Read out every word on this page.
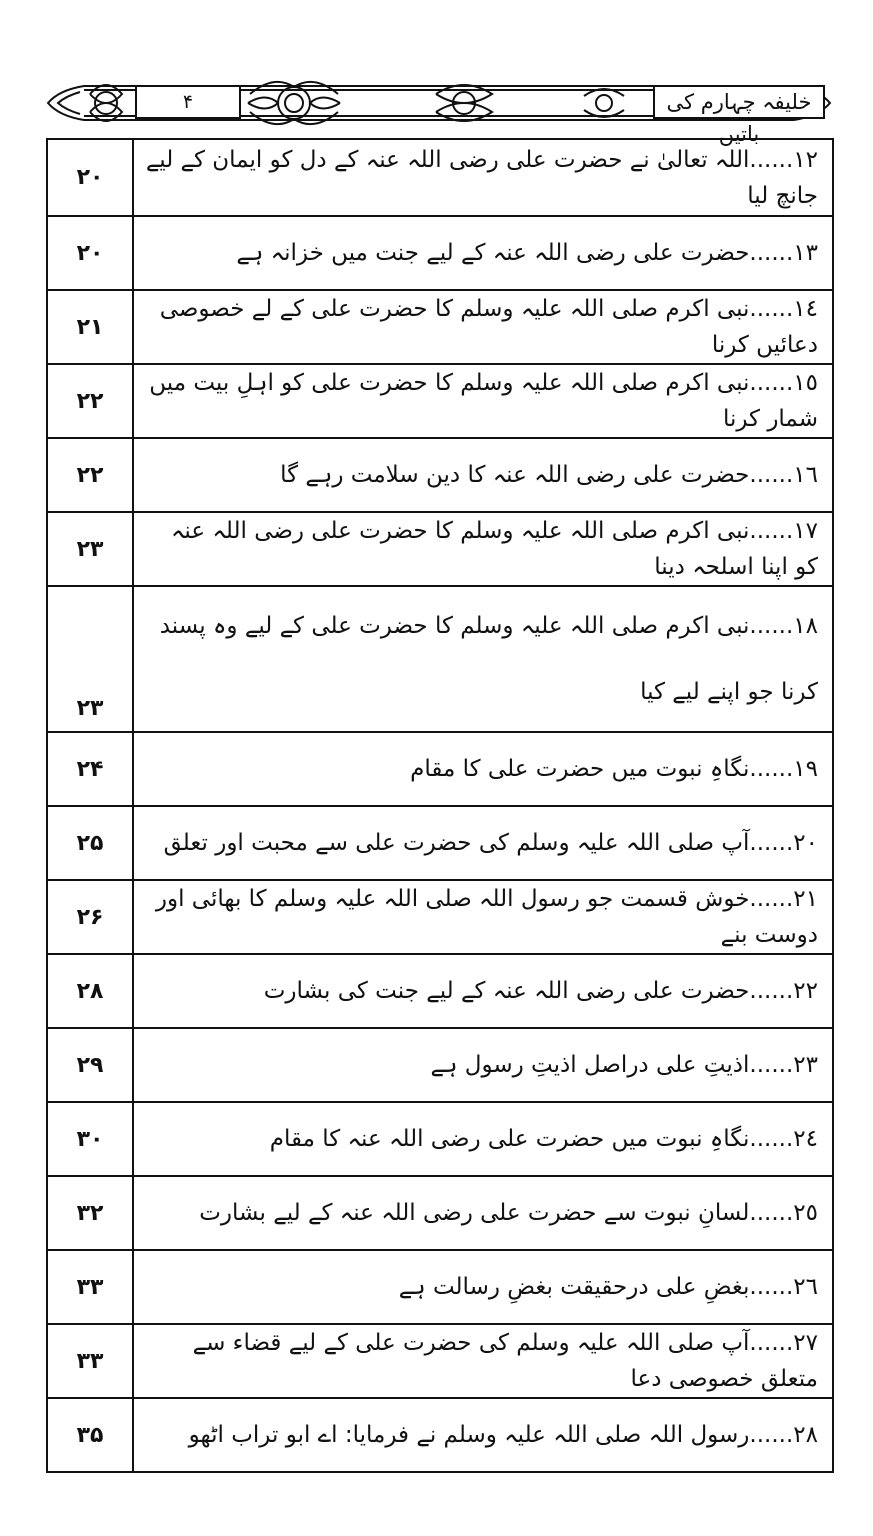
۴	خلیفہ چہارم کی باتیں
۲۰	١٢......اللہ تعالیٰ نے حضرت علی رضی اللہ عنہ کے دل کو ایمان کے لیے جانچ لیا
۲۰	١٣......حضرت علی رضی اللہ عنہ کے لیے جنت میں خزانہ ہے
۲۱	١٤......نبی اکرم صلی اللہ علیہ وسلم کا حضرت علی کے لے خصوصی دعائیں کرنا
۲۲	١٥......نبی اکرم صلی اللہ علیہ وسلم کا حضرت علی کو اہلِ بیت میں شمار کرنا
۲۲	١٦......حضرت علی رضی اللہ عنہ کا دین سلامت رہے گا
۲۳	١٧......نبی اکرم صلی اللہ علیہ وسلم کا حضرت علی رضی اللہ عنہ کو اپنا اسلحہ دینا
۲۳	١٨......نبی اکرم صلی اللہ علیہ وسلم کا حضرت علی کے لیے وہ پسند کرنا جو اپنے لیے کیا
۲۴	١٩......نگاہِ نبوت میں حضرت علی کا مقام
۲۵	٢٠......آپ صلی اللہ علیہ وسلم کی حضرت علی سے محبت اور تعلق
۲۶	٢١......خوش قسمت جو رسول اللہ صلی اللہ علیہ وسلم کا بھائی اور دوست بنے
۲۸	٢٢......حضرت علی رضی اللہ عنہ کے لیے جنت کی بشارت
۲۹	٢٣......اذیتِ علی دراصل اذیتِ رسول ہے
۳۰	٢٤......نگاہِ نبوت میں حضرت علی رضی اللہ عنہ کا مقام
۳۲	٢٥......لسانِ نبوت سے حضرت علی رضی اللہ عنہ کے لیے بشارت
۳۳	٢٦......بغضِ علی درحقیقت بغضِ رسالت ہے
۳۳	٢٧......آپ صلی اللہ علیہ وسلم کی حضرت علی کے لیے قضاء سے متعلق خصوصی دعا
۳۵	٢٨......رسول اللہ صلی اللہ علیہ وسلم نے فرمایا: اے ابو تراب اٹھو
